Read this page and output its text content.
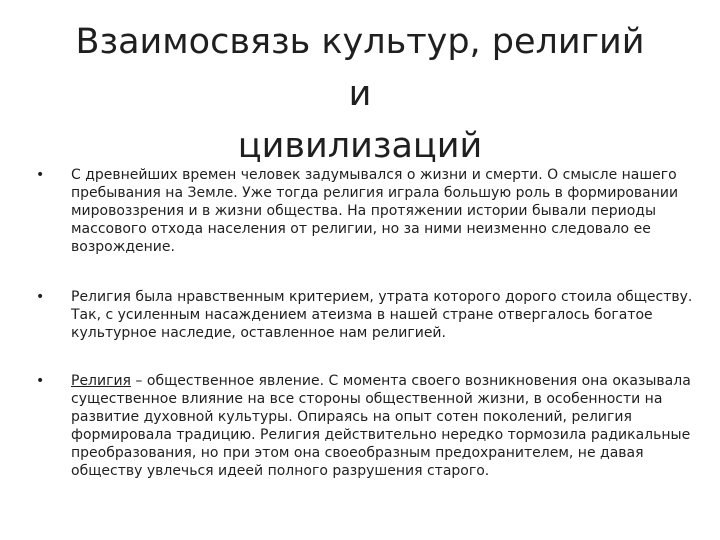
Взаимосвязь культур, религий и
цивилизаций
• С древнейших времен человек задумывался о жизни и смерти. О смысле нашего пребывания на Земле. Уже тогда религия играла большую роль в формировании мировоззрения и в жизни общества. На протяжении истории бывали периоды массового отхода населения от религии, но за ними неизменно следовало ее возрождение.
• Религия была нравственным критерием, утрата которого дорого стоила обществу. Так, с усиленным насаждением атеизма в нашей стране отвергалось богатое культурное наследие, оставленное нам религией.
• Религия – общественное явление. С момента своего возникновения она оказывала существенное влияние на все стороны общественной жизни, в особенности на развитие духовной культуры. Опираясь на опыт сотен поколений, религия формировала традицию. Религия действительно нередко тормозила радикальные преобразования, но при этом она своеобразным предохранителем, не давая обществу увлечься идеей полного разрушения старого.
